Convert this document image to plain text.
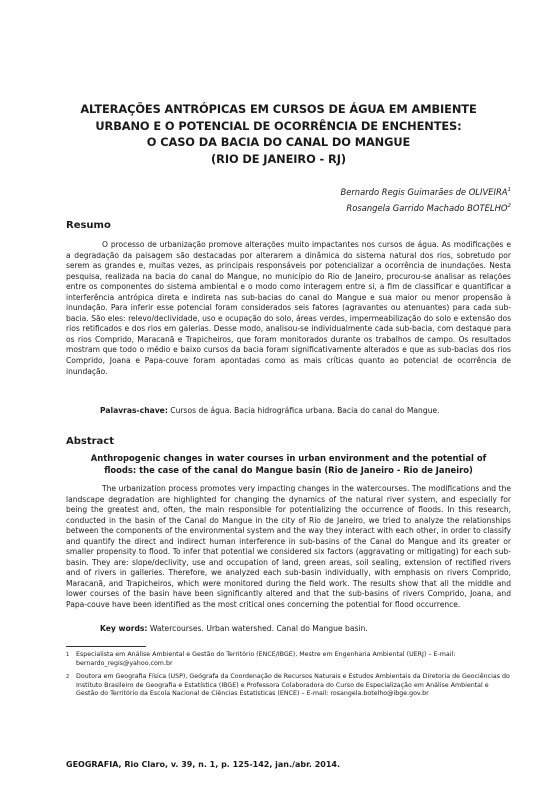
ALTERAÇÕES ANTRÓPICAS EM CURSOS DE ÁGUA EM AMBIENTE
URBANO E O POTENCIAL DE OCORRÊNCIA DE ENCHENTES:
O CASO DA BACIA DO CANAL DO MANGUE
(RIO DE JANEIRO - RJ)
Bernardo Regis Guimarães de OLIVEIRA$^1$
Rosangela Garrido Machado BOTELHO$^2$
Resumo

O processo de urbanização promove alterações muito impactantes nos cursos de água. As modificações e a degradação da paisagem são destacadas por alterarem a dinâmica do sistema natural dos rios, sobretudo por serem as grandes e, muitas vezes, as principais responsáveis por potencializar a ocorrência de inundações. Nesta pesquisa, realizada na bacia do canal do Mangue, no município do Rio de Janeiro, procurou-se analisar as relações entre os componentes do sistema ambiental e o modo como interagem entre si, a fim de classificar e quantificar a interferência antrópica direta e indireta nas sub-bacias do canal do Mangue e sua maior ou menor propensão à inundação. Para inferir esse potencial foram considerados seis fatores (agravantes ou atenuantes) para cada sub-bacia. São eles: relevo/declividade, uso e ocupação do solo, áreas verdes, impermeabilização do solo e extensão dos rios retificados e dos rios em galerias. Desse modo, analisou-se individualmente cada sub-bacia, com destaque para os rios Comprido, Maracanã e Trapicheiros, que foram monitorados durante os trabalhos de campo. Os resultados mostram que todo o médio e baixo cursos da bacia foram significativamente alterados e que as sub-bacias dos rios Comprido, Joana e Papa-couve foram apontadas como as mais críticas quanto ao potencial de ocorrência de inundação.

Palavras-chave: Cursos de água. Bacia hidrográfica urbana. Bacia do canal do Mangue.
Abstract
Anthropogenic changes in water courses in urban environment and the potential of
floods: the case of the canal do Mangue basin (Rio de Janeiro - Rio de Janeiro)

The urbanization process promotes very impacting changes in the watercourses. The modifications and the landscape degradation are highlighted for changing the dynamics of the natural river system, and especially for being the greatest and, often, the main responsible for potentializing the occurrence of floods. In this research, conducted in the basin of the Canal do Mangue in the city of Rio de Janeiro, we tried to analyze the relationships between the components of the environmental system and the way they interact with each other, in order to classify and quantify the direct and indirect human interference in sub-basins of the Canal do Mangue and its greater or smaller propensity to flood. To infer that potential we considered six factors (aggravating or mitigating) for each sub-basin. They are: slope/declivity, use and occupation of land, green areas, soil sealing, extension of rectified rivers and of rivers in galleries. Therefore, we analyzed each sub-basin individually, with emphasis on rivers Comprido, Maracanã, and Trapicheiros, which were monitored during the field work. The results show that all the middle and lower courses of the basin have been significantly altered and that the sub-basins of rivers Comprido, Joana, and Papa-couve have been identified as the most critical ones concerning the potential for flood occurrence.

Key words: Watercourses. Urban watershed. Canal do Mangue basin.
1 Especialista em Análise Ambiental e Gestão do Território (ENCE/IBGE), Mestre em Engenharia Ambiental (UERJ) – E-mail: bernardo_regis@yahoo.com.br
2 Doutora em Geografia Física (USP), Geógrafa da Coordenação de Recursos Naturais e Estudos Ambientais da Diretoria de Geociências do Instituto Brasileiro de Geografia e Estatística (IBGE) e Professora Colaboradora do Curso de Especialização em Análise Ambiental e Gestão do Território da Escola Nacional de Ciências Estatísticas (ENCE) – E-mail: rosangela.botelho@ibge.gov.br
GEOGRAFIA, Rio Claro, v. 39, n. 1, p. 125-142, jan./abr. 2014.
